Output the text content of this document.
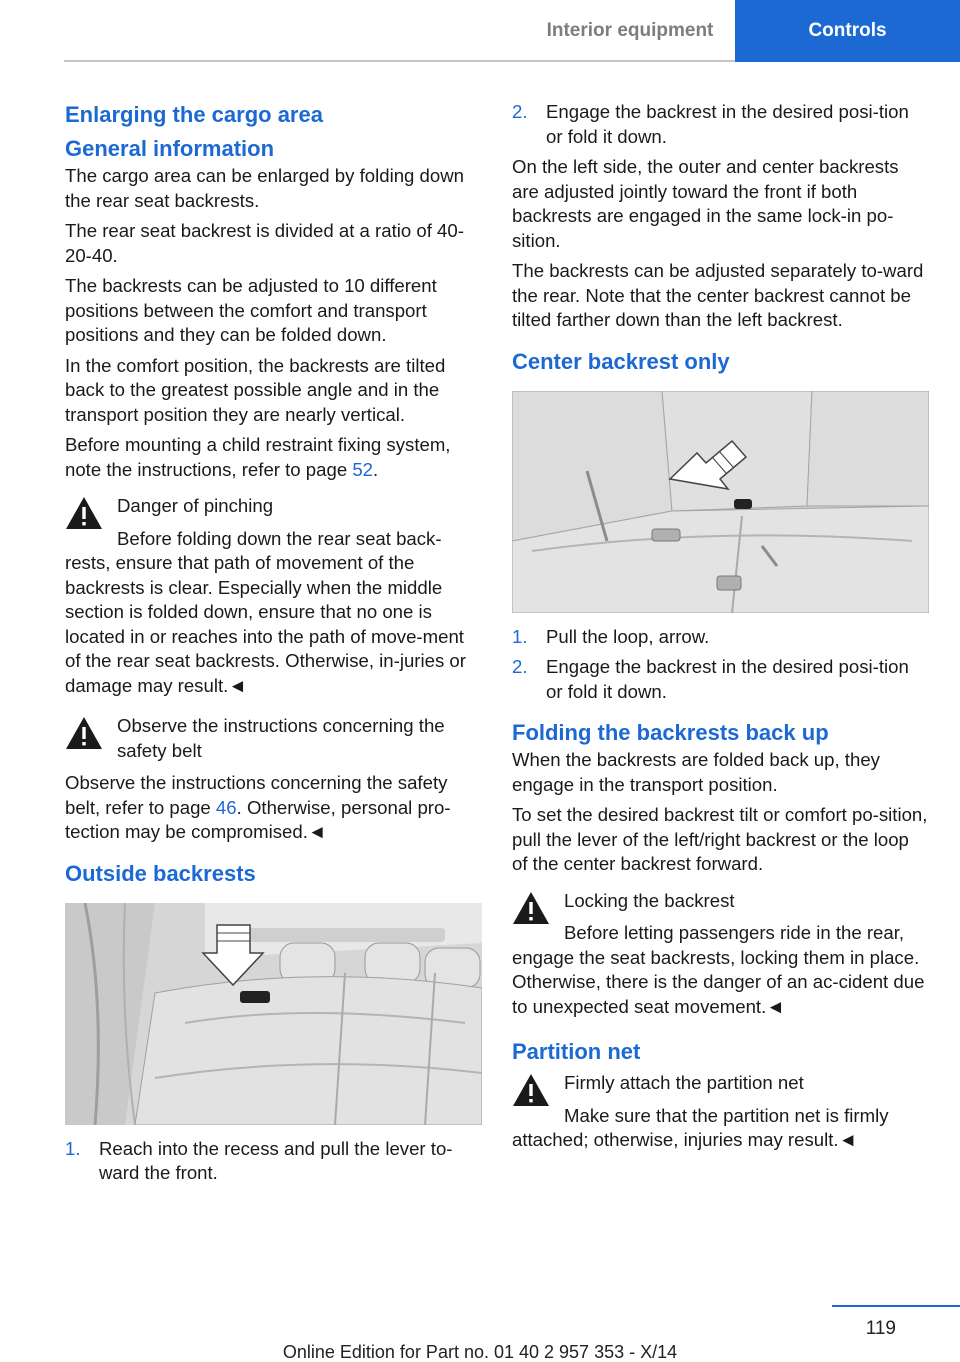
Interior equipment	Controls
Enlarging the cargo area
General information

The cargo area can be enlarged by folding down the rear seat backrests.

The rear seat backrest is divided at a ratio of 40-20-40.

The backrests can be adjusted to 10 different positions between the comfort and transport positions and they can be folded down.

In the comfort position, the backrests are tilted back to the greatest possible angle and in the transport position they are nearly vertical.

Before mounting a child restraint fixing system, note the instructions, refer to page 52.

Danger of pinching
Before folding down the rear seat back-
rests, ensure that path of movement of the backrests is clear. Especially when the middle section is folded down, ensure that no one is located in or reaches into the path of move-ment of the rear seat backrests. Otherwise, in-juries or damage may result.◄
Observe the instructions concerning the safety belt
Observe the instructions concerning the safety belt, refer to page 46. Otherwise, personal pro-tection may be compromised.◄
Outside backrests
1. Reach into the recess and pull the lever to-ward the front.
2. Engage the backrest in the desired posi-tion or fold it down.

On the left side, the outer and center backrests are adjusted jointly toward the front if both backrests are engaged in the same lock-in po-sition.

The backrests can be adjusted separately to-ward the rear. Note that the center backrest cannot be tilted farther down than the left backrest.

Center backrest only
1. Pull the loop, arrow.
2. Engage the backrest in the desired posi-tion or fold it down.
Folding the backrests back up

When the backrests are folded back up, they engage in the transport position.

To set the desired backrest tilt or comfort po-sition, pull the lever of the left/right backrest or the loop of the center backrest forward.

Locking the backrest
Before letting passengers ride in the rear,
engage the seat backrests, locking them in place. Otherwise, there is the danger of an ac-cident due to unexpected seat movement.◄
Partition net
Firmly attach the partition net
Make sure that the partition net is firmly
attached; otherwise, injuries may result.◄
119
Online Edition for Part no. 01 40 2 957 353 - X/14
